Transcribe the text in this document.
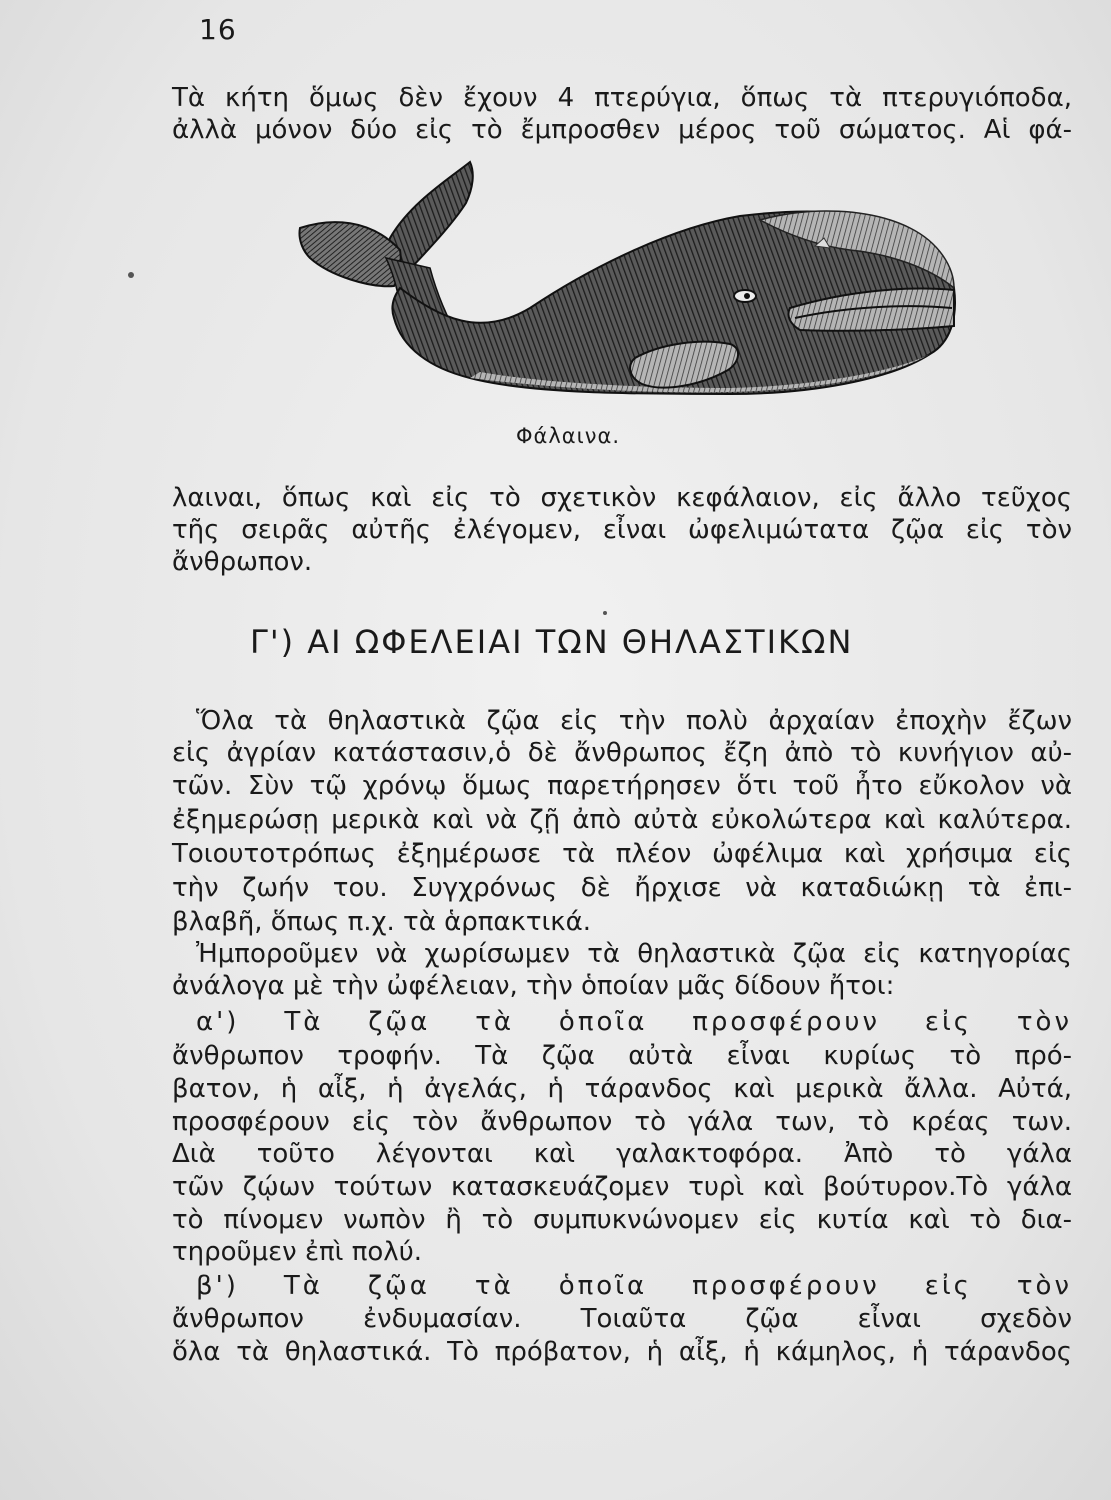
16
Τὰ κήτη ὅμως δὲν ἔχουν 4 πτερύγια, ὅπως τὰ πτερυγιόποδα,
ἀλλὰ μόνον δύο εἰς τὸ ἔμπροσθεν μέρος τοῦ σώματος. Αἱ φά-
Φάλαινα.
λαιναι, ὅπως καὶ εἰς τὸ σχετικὸν κεφάλαιον, εἰς ἄλλο τεῦχος
τῆς σειρᾶς αὐτῆς ἐλέγομεν, εἶναι ὠφελιμώτατα ζῷα εἰς τὸν
ἄνθρωπον.
Γ') ΑΙ ΩΦΕΛΕΙΑΙ ΤΩΝ ΘΗΛΑΣΤΙΚΩΝ
Ὅλα τὰ θηλαστικὰ ζῷα εἰς τὴν πολὺ ἀρχαίαν ἐποχὴν ἔζων
εἰς ἀγρίαν κατάστασιν,ὁ δὲ ἄνθρωπος ἔζη ἀπὸ τὸ κυνήγιον αὐ-
τῶν. Σὺν τῷ χρόνῳ ὅμως παρετήρησεν ὅτι τοῦ ἦτο εὔκολον νὰ
ἐξημερώσῃ μερικὰ καὶ νὰ ζῇ ἀπὸ αὐτὰ εὐκολώτερα καὶ καλύτερα.
Τοιουτοτρόπως ἐξημέρωσε τὰ πλέον ὠφέλιμα καὶ χρήσιμα εἰς
τὴν ζωήν του. Συγχρόνως δὲ ἤρχισε νὰ καταδιώκῃ τὰ ἐπι-
βλαβῆ, ὅπως π.χ. τὰ ἁρπακτικά.
Ἠμποροῦμεν νὰ χωρίσωμεν τὰ θηλαστικὰ ζῷα εἰς κατηγορίας
ἀνάλογα μὲ τὴν ὠφέλειαν, τὴν ὁποίαν μᾶς δίδουν ἤτοι:
α') Τὰ ζῷα τὰ ὁποῖα προσφέρουν εἰς τὸν
ἄνθρωπον τροφήν. Τὰ ζῷα αὐτὰ εἶναι κυρίως τὸ πρό-
βατον, ἡ αἶξ, ἡ ἀγελάς, ἡ τάρανδος καὶ μερικὰ ἄλλα. Αὐτά,
προσφέρουν εἰς τὸν ἄνθρωπον τὸ γάλα των, τὸ κρέας των.
Διὰ τοῦτο λέγονται καὶ γαλακτοφόρα. Ἀπὸ τὸ γάλα
τῶν ζῴων τούτων κατασκευάζομεν τυρὶ καὶ βούτυρον.Τὸ γάλα
τὸ πίνομεν νωπὸν ἢ τὸ συμπυκνώνομεν εἰς κυτία καὶ τὸ δια-
τηροῦμεν ἐπὶ πολύ.
β') Τὰ ζῷα τὰ ὁποῖα προσφέρουν εἰς τὸν
ἄνθρωπον ἐνδυμασίαν. Τοιαῦτα ζῷα εἶναι σχεδὸν
ὅλα τὰ θηλαστικά. Τὸ πρόβατον, ἡ αἶξ, ἡ κάμηλος, ἡ τάρανδος
